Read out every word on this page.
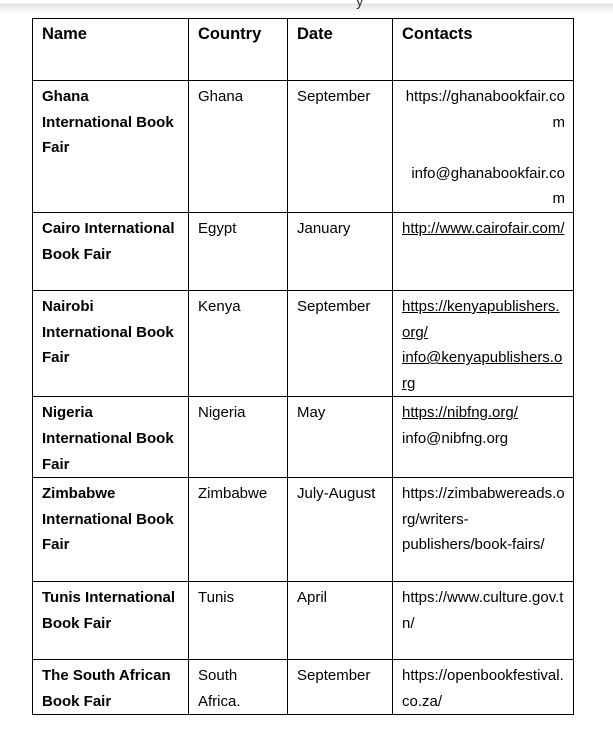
Name	Country	Date	Contacts
Ghana International Book Fair	Ghana	September	https://ghanabookfair.com
info@ghanabookfair.com

Cairo International Book Fair	Egypt	January	http://www.cairofair.com/

Nairobi International Book Fair	Kenya	September	https://kenyapublishers.org/
info@kenyapublishers.org

Nigeria International Book Fair	Nigeria	May	https://nibfng.org/
info@nibfng.org

Zimbabwe International Book Fair	Zimbabwe	July-August	https://zimbabwereads.org/writers-publishers/book-fairs/

Tunis International Book Fair	Tunis	April	https://www.culture.gov.tn/

The South African Book Fair	South Africa.	September	https://openbookfestival.co.za/
